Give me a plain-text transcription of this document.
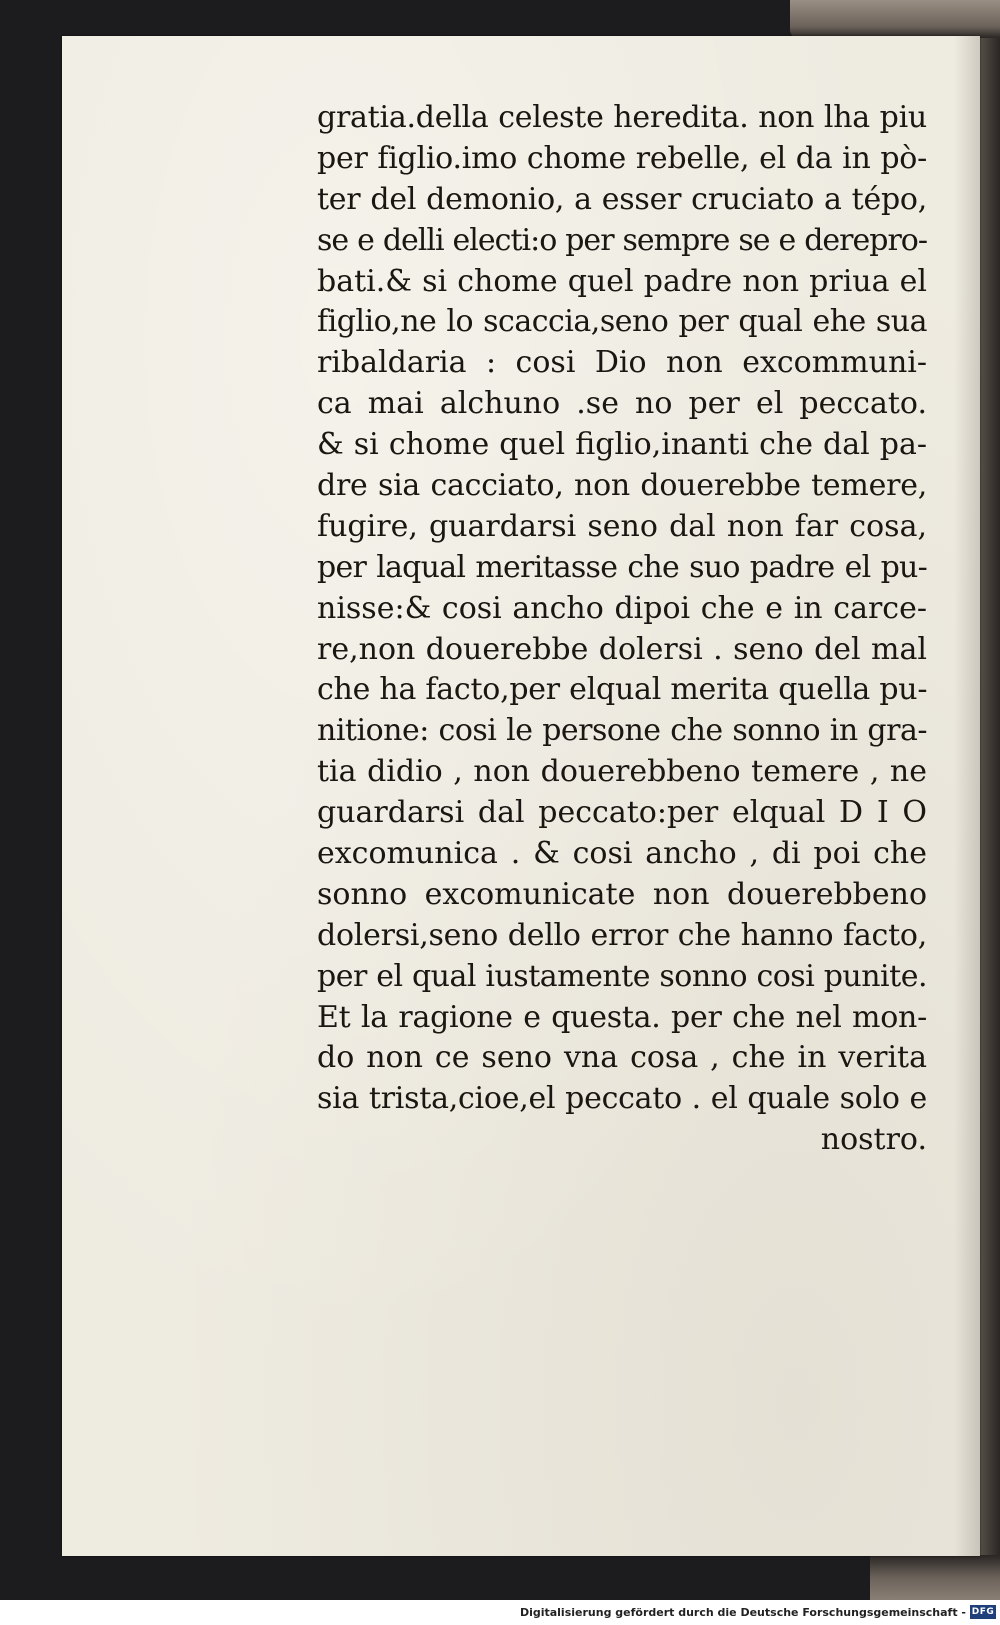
gratia.della celeste heredita. non lha piu
per figlio.imo chome rebelle, el da in pò-
ter del demonio, a esser cruciato a tépo,
se e delli electi:o per sempre se e derepro-
bati.& si chome quel padre non priua el
figlio,ne lo scaccia,seno per qual ehe sua
ribaldaria : cosi Dio non excommuni-
ca mai alchuno .se no per el peccato.
& si chome quel figlio,inanti che dal pa-
dre sia cacciato, non douerebbe temere,
fugire, guardarsi seno dal non far cosa,
per laqual meritasse che suo padre el pu-
nisse:& cosi ancho dipoi che e in carce-
re,non douerebbe dolersi . seno del mal
che ha facto,per elqual merita quella pu-
nitione: cosi le persone che sonno in gra-
tia didio , non douerebbeno temere , ne
guardarsi dal peccato:per elqual D I O
excomunica . & cosi ancho , di poi che
sonno excomunicate non douerebbeno
dolersi,seno dello error che hanno facto,
per el qual iustamente sonno cosi punite.
Et la ragione e questa. per che nel mon-
do non ce seno vna cosa , che in verita
sia trista,cioe,el peccato . el quale solo e
nostro.
Digitalisierung gefördert durch die Deutsche Forschungsgemeinschaft - DFG
